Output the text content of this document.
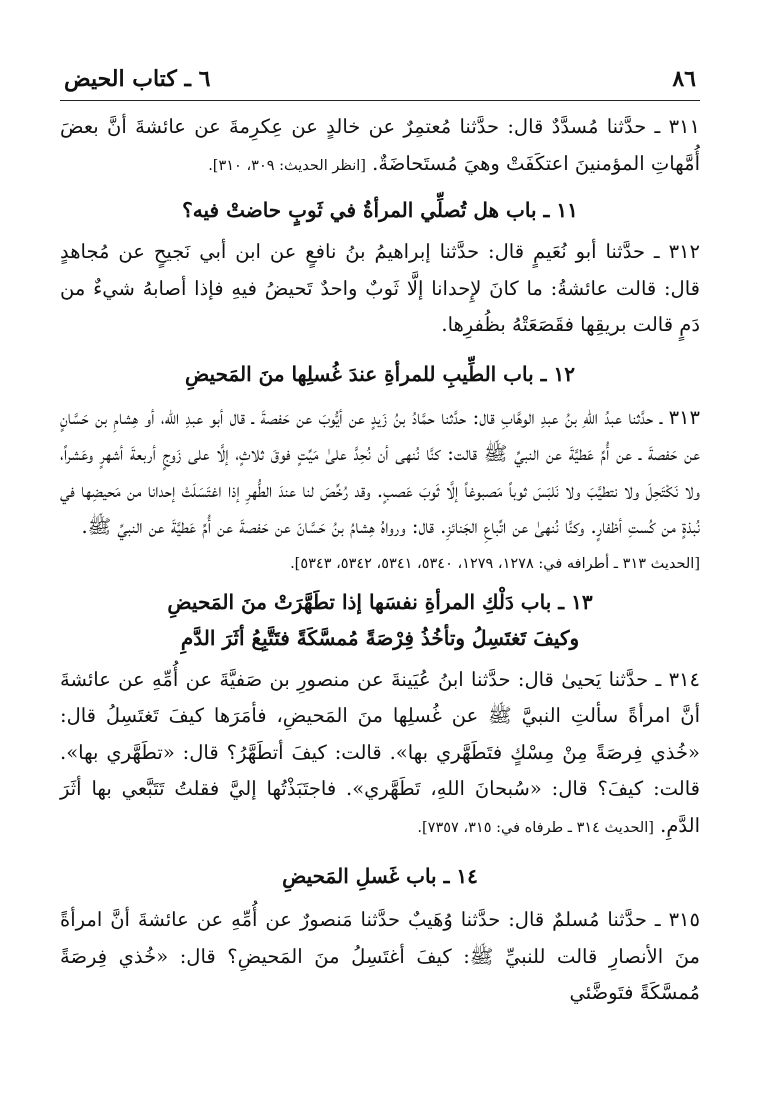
٨٦
٦ ـ كتاب الحيض

٣١١ ـ حدَّثنا مُسدَّدٌ قال: حدَّثنا مُعتمِرٌ عن خالدٍ عن عِكرِمةَ عن عائشةَ أنَّ بعضَ أُمَّهاتِ المؤمنينَ اعتكَفَتْ وهيَ مُستَحاضَةٌ. [انظر الحديث: ٣٠٩، ٣١٠].

١١ ـ باب هل تُصلِّي المرأةُ في ثَوبٍ حاضتْ فيه؟

٣١٢ ـ حدَّثنا أبو نُعَيمٍ قال: حدَّثنا إبراهيمُ بنُ نافعٍ عن ابن أبي نَجيحٍ عن مُجاهدٍ قال: قالت عائشةُ: ما كانَ لإِحدانا إلَّا ثَوبٌ واحدٌ تَحيضُ فيهِ فإذا أصابهُ شيءٌ من دَمٍ قالت بريقِها فقَصَعَتْهُ بظُفرِها.

١٢ ـ باب الطِّيبِ للمرأةِ عندَ غُسلِها منَ المَحيضِ

٣١٣ ـ حدَّثنا عبدُ اللهِ بنُ عبدِ الوهَّابِ قال: حدَّثنا حمَّادُ بنُ زَيدٍ عن أيُّوبَ عن حَفصةَ ـ قال أبو عبدِ الله، أو هِشامِ بن حَسَّانٍ عن حَفصةَ ـ عن أُمِّ عَطيَّةَ عن النبيِّ ﷺ قالت: كنَّا نُنهى أن نُحِدَّ علىٰ مَيِّتٍ فوقَ ثلاثٍ، إلَّا على زَوجٍ أربعةَ أشهرٍ وعَشراً، ولا نَكْتَحِلَ ولا نتطيَّبَ ولا نَلبَسَ ثوباً مَصبوغاً إلَّا ثَوبَ عَصبٍ. وقد رُخِّصَ لنا عندَ الطُّهرِ إذا اغتَسَلَتْ إحدانا من مَحيضِها في نُبذةٍ من كُستِ أظفارٍ. وكنَّا نُنهىٰ عن اتِّباعِ الجَنائزِ. قال: ورواهُ هِشامُ بنُ حَسَّانَ عن حَفصةَ عن أُمِّ عَطيَّةَ عن النبيِّ ﷺ.

[الحديث ٣١٣ ـ أطرافه في: ١٢٧٨، ١٢٧٩، ٥٣٤٠، ٥٣٤١، ٥٣٤٢، ٥٣٤٣].

١٣ ـ باب دَلْكِ المرأةِ نفسَها إذا تطَهَّرَتْ منَ المَحيضِ
وكيفَ تَغتَسِلُ وتأخُذُ فِرْصَةً مُمسَّكَةً فتَتَّبِعُ أثَرَ الدَّمِ

٣١٤ ـ حدَّثنا يَحيىٰ قال: حدَّثنا ابنُ عُيَينةَ عن منصورِ بن صَفيَّةَ عن أُمِّهِ عن عائشةَ أنَّ امرأةً سألتِ النبيَّ ﷺ عن غُسلِها منَ المَحيضِ، فأمَرَها كيفَ تَغتَسِلُ قال: «خُذي فِرصَةً مِنْ مِسْكٍ فتَطَهَّري بها». قالت: كيفَ أتطَهَّرُ؟ قال: «تطَهَّري بها». قالت: كيفَ؟ قال: «سُبحانَ اللهِ، تَطَهَّري». فاجتَبَذْتُها إليَّ فقلتُ تَتَبَّعي بها أثَرَ الدَّمِ. [الحديث ٣١٤ ـ طرفاه في: ٣١٥، ٧٣٥٧].

١٤ ـ باب غَسلِ المَحيضِ

٣١٥ ـ حدَّثنا مُسلمٌ قال: حدَّثنا وُهَيبٌ حدَّثنا مَنصورٌ عن أُمِّهِ عن عائشةَ أنَّ امرأةً منَ الأنصارِ قالت للنبيِّ ﷺ: كيفَ أغتَسِلُ منَ المَحيضِ؟ قال: «خُذي فِرصَةً مُمسَّكَةً فتَوضَّئي
